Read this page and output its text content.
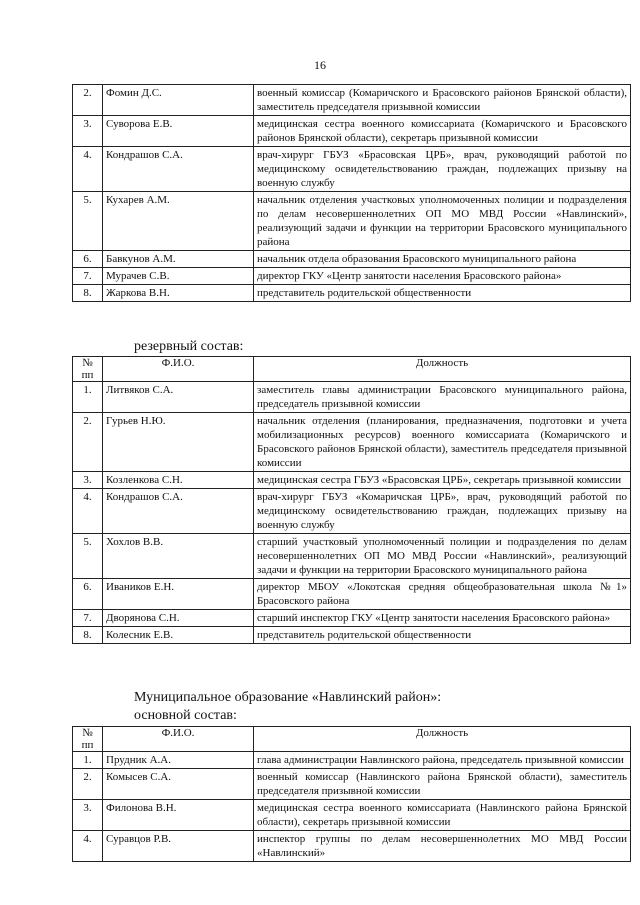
16
2.	Фомин Д.С.	военный комиссар (Комаричского и Брасовского районов Брянской области), заместитель председателя призывной комиссии
3.	Суворова Е.В.	медицинская сестра военного комиссариата (Комаричского и Брасовского районов Брянской области), секретарь призывной комиссии
4.	Кондрашов С.А.	врач-хирург ГБУЗ «Брасовская ЦРБ», врач, руководящий работой по медицинскому освидетельствованию граждан, подлежащих призыву на военную службу
5.	Кухарев А.М.	начальник отделения участковых уполномоченных полиции и подразделения по делам несовершеннолетних ОП МО МВД России «Навлинский», реализующий задачи и функции на территории Брасовского муниципального района
6.	Бавкунов А.М.	начальник отдела образования Брасовского муниципального района
7.	Мурачев С.В.	директор ГКУ «Центр занятости населения Брасовского района»
8.	Жаркова В.Н.	представитель родительской общественности
резервный состав:
№ пп	Ф.И.О.	Должность
1.	Литвяков С.А.	заместитель главы администрации Брасовского муниципального района, председатель призывной комиссии
2.	Гурьев Н.Ю.	начальник отделения (планирования, предназначения, подготовки и учета мобилизационных ресурсов) военного комиссариата (Комаричского и Брасовского районов Брянской области), заместитель председателя призывной комиссии
3.	Козленкова С.Н.	медицинская сестра ГБУЗ «Брасовская ЦРБ», секретарь призывной комиссии
4.	Кондрашов С.А.	врач-хирург ГБУЗ «Комаричская ЦРБ», врач, руководящий работой по медицинскому освидетельствованию граждан, подлежащих призыву на военную службу
5.	Хохлов В.В.	старший участковый уполномоченный полиции и подразделения по делам несовершеннолетних ОП МО МВД России «Навлинский», реализующий задачи и функции на территории Брасовского муниципального района
6.	Иваников Е.Н.	директор МБОУ «Локотская средняя общеобразовательная школа №1» Брасовского района
7.	Дворянова С.Н.	старший инспектор ГКУ «Центр занятости населения Брасовского района»
8.	Колесник Е.В.	представитель родительской общественности
Муниципальное образование «Навлинский район»:
основной состав:
№ пп	Ф.И.О.	Должность
1.	Прудник А.А.	глава администрации Навлинского района, председатель призывной комиссии
2.	Комысев С.А.	военный комиссар (Навлинского района Брянской области), заместитель председателя призывной комиссии
3.	Филонова В.Н.	медицинская сестра военного комиссариата (Навлинского района Брянской области), секретарь призывной комиссии
4.	Суравцов Р.В.	инспектор группы по делам несовершеннолетних МО МВД России «Навлинский»
